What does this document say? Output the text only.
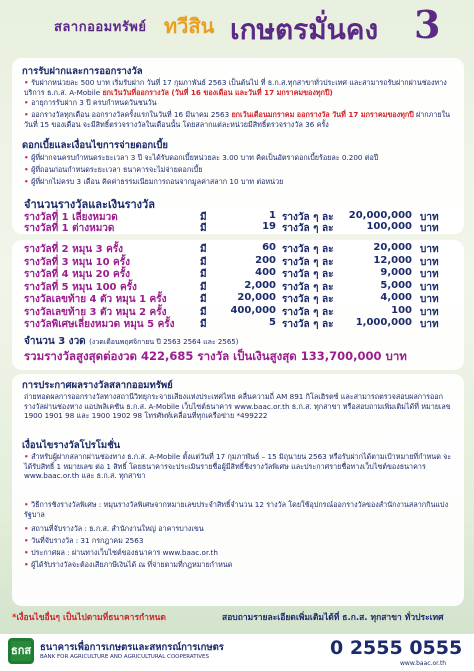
สลากออมทรัพย์ ทวีสิน เกษตรมั่นคง 3
การรับฝากและการออกรางวัล
• รับฝากหน่วยละ 500 บาท เริ่มรับฝาก วันที่ 17 กุมภาพันธ์ 2563 เป็นต้นไป ที่ ธ.ก.ส.ทุกสาขาทั่วประเทศ และสามารถรับฝากผ่านช่องทางบริการ ธ.ก.ส. A-Mobile ยกเว้นวันที่ออกรางวัล (วันที่ 16 ของเดือน และวันที่ 17 มกราคมของทุกปี)
• อายุการรับฝาก 3 ปี ครบกำหนดวันชนวัน
• ออกรางวัลทุกเดือน ออกรางวัลครั้งแรกในวันที่ 16 มีนาคม 2563 ยกเว้นเดือนมกราคม ออกรางวัล วันที่ 17 มกราคมของทุกปี ฝากภายในวันที่ 15 ของเดือน จะมีสิทธิ์ตรวจรางวัลในเดือนนั้น โดยสลากแต่ละหน่วยมีสิทธิ์ตรวจรางวัล 36 ครั้ง
ดอกเบี้ยและเงื่อนไขการจ่ายดอกเบี้ย
• ผู้ที่ฝากจนครบกำหนดระยะเวลา 3 ปี จะได้รับดอกเบี้ยหน่วยละ 3.00 บาท คิดเป็นอัตราดอกเบี้ยร้อยละ 0.200 ต่อปี
• ผู้ที่ถอนก่อนกำหนดระยะเวลา ธนาคารจะไม่จ่ายดอกเบี้ย
• ผู้ที่ฝากไม่ครบ 3 เดือน คิดค่าธรรมเนียมการถอนจากมูลค่าสลาก 10 บาท ต่อหน่วย
จำนวนรางวัลและเงินรางวัล
รางวัลที่ 1 เลี่ยงหมวด	มี	1 รางวัล ๆ ละ	20,000,000 บาท
รางวัลที่ 1 ต่างหมวด	มี	19 รางวัล ๆ ละ	100,000 บาท
รางวัลที่ 2 หมุน 3 ครั้ง	มี	60 รางวัล ๆ ละ	20,000 บาท
รางวัลที่ 3 หมุน 10 ครั้ง	มี	200 รางวัล ๆ ละ	12,000 บาท
รางวัลที่ 4 หมุน 20 ครั้ง	มี	400 รางวัล ๆ ละ	9,000 บาท
รางวัลที่ 5 หมุน 100 ครั้ง	มี	2,000 รางวัล ๆ ละ	5,000 บาท
รางวัลเลขท้าย 4 ตัว หมุน 1 ครั้ง	มี	20,000 รางวัล ๆ ละ	4,000 บาท
รางวัลเลขท้าย 3 ตัว หมุน 2 ครั้ง	มี	400,000 รางวัล ๆ ละ	100 บาท
รางวัลพิเศษเลี่ยงหมวด หมุน 5 ครั้ง	มี	5 รางวัล ๆ ละ	1,000,000 บาท
จำนวน 3 งวด (งวดเดือนพฤศจิกายน ปี 2563 2564 และ 2565)
รวมรางวัลสูงสุดต่องวด 422,685 รางวัล เป็นเงินสูงสุด 133,700,000 บาท
การประกาศผลรางวัลสลากออมทรัพย์
ถ่ายทอดผลการออกรางวัลทางสถานีวิทยุกระจายเสียงแห่งประเทศไทย คลื่นความถี่ AM 891 กิโลเฮิรตซ์ และสามารถตรวจสอบผลการออกรางวัลผ่านช่องทาง แอปพลิเคชัน ธ.ก.ส. A-Mobile เว็บไซต์ธนาคาร www.baac.or.th ธ.ก.ส. ทุกสาขา หรือสอบถามเพิ่มเติมได้ที่ หมายเลข 1900 1901 98 และ 1900 1902 98 โทรศัพท์เคลื่อนที่ทุกเครือข่าย *499222
เงื่อนไขรางวัลโปรโมชั่น
• สำหรับผู้ฝากสลากผ่านช่องทาง ธ.ก.ส. A-Mobile ตั้งแต่วันที่ 17 กุมภาพันธ์ – 15 มิถุนายน 2563 หรือรับฝากได้ตามเป้าหมายที่กำหนด จะได้รับสิทธิ์ 1 หมายเลข ต่อ 1 สิทธิ์ โดยธนาคารจะประเมินรายชื่อผู้มีสิทธิ์ชิงรางวัลพิเศษ และประกาศรายชื่อทางเว็บไซต์ของธนาคาร www.baac.or.th และ ธ.ก.ส. ทุกสาขา
• วิธีการชิงรางวัลพิเศษ : หมุนรางวัลพิเศษจากหมายเลขประจำสิทธิ์จำนวน 12 รางวัล โดยใช้อุปกรณ์ออกรางวัลของสำนักงานสลากกินแบ่งรัฐบาล
• สถานที่จับรางวัล : ธ.ก.ส. สำนักงานใหญ่ อาคารบางเขน
• วันที่จับรางวัล : 31 กรกฎาคม 2563
• ประกาศผล : ผ่านทางเว็บไซต์ของธนาคาร www.baac.or.th
• ผู้ได้รับรางวัลจะต้องเสียภาษีเงินได้ ณ ที่จ่ายตามที่กฎหมายกำหนด
*เงื่อนไขอื่นๆ เป็นไปตามที่ธนาคารกำหนด	สอบถามรายละเอียดเพิ่มเติมได้ที่ ธ.ก.ส. ทุกสาขา ทั่วประเทศ
ธกส ธนาคารเพื่อการเกษตรและสหกรณ์การเกษตร
BANK FOR AGRICULTURE AND AGRICULTURAL COOPERATIVES	0 2555 0555
www.baac.or.th
